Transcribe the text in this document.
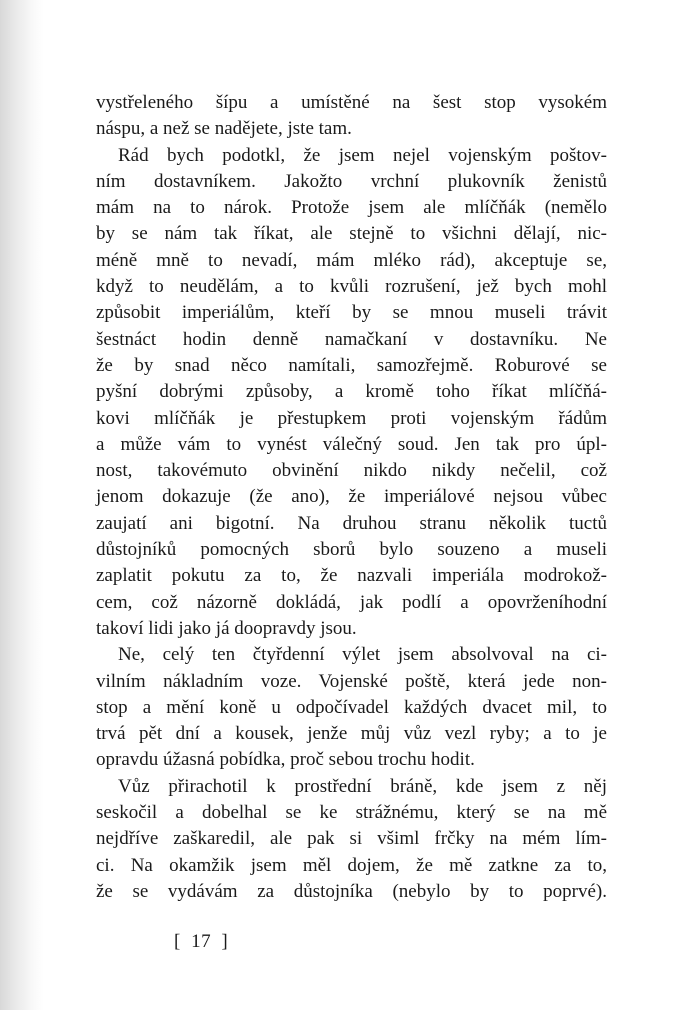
vystřeleného šípu a umístěné na šest stop vysokém
náspu, a než se nadějete, jste tam.
Rád bych podotkl, že jsem nejel vojenským poštov-
ním dostavníkem. Jakožto vrchní plukovník ženistů
mám na to nárok. Protože jsem ale mlíčňák (nemělo
by se nám tak říkat, ale stejně to všichni dělají, nic-
méně mně to nevadí, mám mléko rád), akceptuje se,
když to neudělám, a to kvůli rozrušení, jež bych mohl
způsobit imperiálům, kteří by se mnou museli trávit
šestnáct hodin denně namačkaní v dostavníku. Ne
že by snad něco namítali, samozřejmě. Roburové se
pyšní dobrými způsoby, a kromě toho říkat mlíčňá-
kovi mlíčňák je přestupkem proti vojenským řádům
a může vám to vynést válečný soud. Jen tak pro úpl-
nost, takovémuto obvinění nikdo nikdy nečelil, což
jenom dokazuje (že ano), že imperiálové nejsou vůbec
zaujatí ani bigotní. Na druhou stranu několik tuctů
důstojníků pomocných sborů bylo souzeno a museli
zaplatit pokutu za to, že nazvali imperiála modrokož-
cem, což názorně dokládá, jak podlí a opovrženíhodní
takoví lidi jako já doopravdy jsou.
Ne, celý ten čtyřdenní výlet jsem absolvoval na ci-
vilním nákladním voze. Vojenské poště, která jede non-
stop a mění koně u odpočívadel každých dvacet mil, to
trvá pět dní a kousek, jenže můj vůz vezl ryby; a to je
opravdu úžasná pobídka, proč sebou trochu hodit.
Vůz přirachotil k prostřední bráně, kde jsem z něj
seskočil a dobelhal se ke strážnému, který se na mě
nejdříve zaškaredil, ale pak si všiml frčky na mém lím-
ci. Na okamžik jsem měl dojem, že mě zatkne za to,
že se vydávám za důstojníka (nebylo by to poprvé).
[ 17 ]
